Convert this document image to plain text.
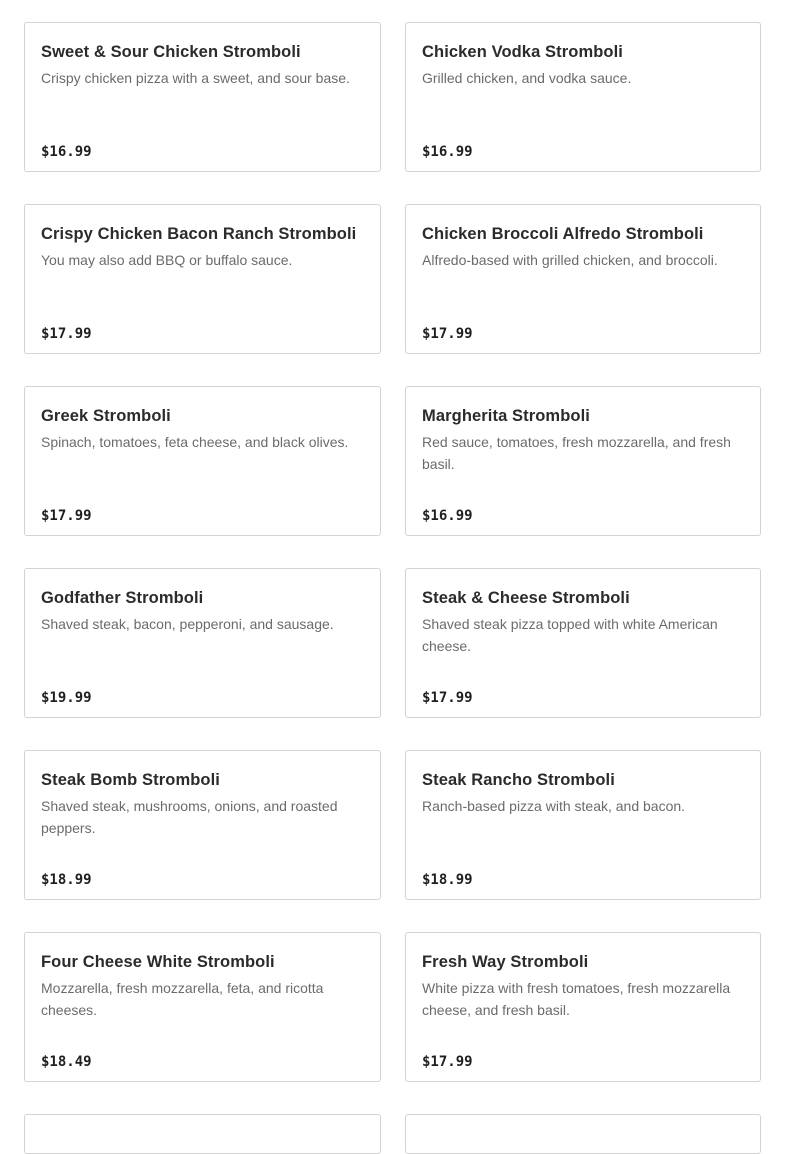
Sweet & Sour Chicken Stromboli
Crispy chicken pizza with a sweet, and sour base.
$16.99
Chicken Vodka Stromboli
Grilled chicken, and vodka sauce.
$16.99
Crispy Chicken Bacon Ranch Stromboli
You may also add BBQ or buffalo sauce.
$17.99
Chicken Broccoli Alfredo Stromboli
Alfredo-based with grilled chicken, and broccoli.
$17.99
Greek Stromboli
Spinach, tomatoes, feta cheese, and black olives.
$17.99
Margherita Stromboli
Red sauce, tomatoes, fresh mozzarella, and fresh basil.
$16.99
Godfather Stromboli
Shaved steak, bacon, pepperoni, and sausage.
$19.99
Steak & Cheese Stromboli
Shaved steak pizza topped with white American cheese.
$17.99
Steak Bomb Stromboli
Shaved steak, mushrooms, onions, and roasted peppers.
$18.99
Steak Rancho Stromboli
Ranch-based pizza with steak, and bacon.
$18.99
Four Cheese White Stromboli
Mozzarella, fresh mozzarella, feta, and ricotta cheeses.
$18.49
Fresh Way Stromboli
White pizza with fresh tomatoes, fresh mozzarella cheese, and fresh basil.
$17.99
